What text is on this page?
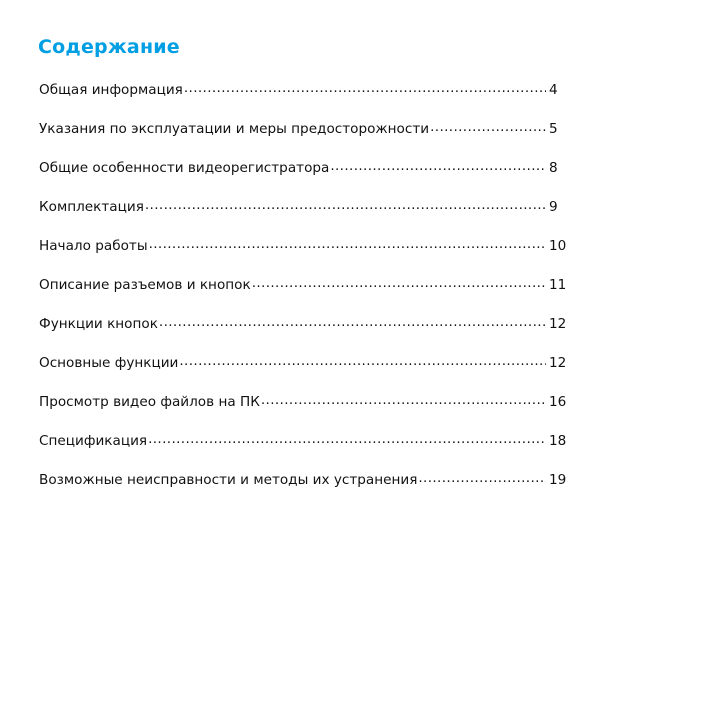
Содержание
Общая информация .....	4
Указания по эксплуатации и меры предосторожности .....	5
Общие особенности видеорегистратора .....	8
Комплектация .....	9
Начало работы .....	10
Описание разъемов и кнопок .....	11
Функции кнопок .....	12
Основные функции .....	12
Просмотр видео файлов на ПК .....	16
Спецификация .....	18
Возможные неисправности и методы их устранения .....	19
